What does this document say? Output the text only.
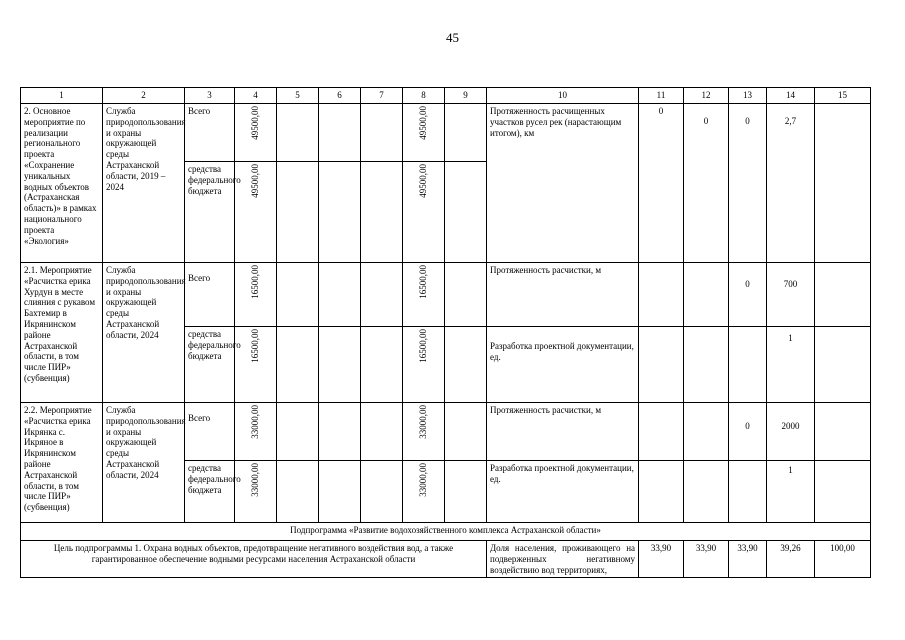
45
1	2	3	4	5	6	7	8	9	10	11	12	13	14	15
2. Основное мероприятие по реализации регионального проекта «Сохранение уникальных водных объектов (Астраханская область)» в рамках национального проекта «Экология»	Служба природопользования и охраны окружающей среды Астраханской области, 2019 – 2024	Всего	49500,00				49500,00		Протяженность расчищенных участков русел рек (нарастающим итогом), км	0	0	0	2,7	
		средства федерального бюджета	49500,00				49500,00							
2.1. Мероприятие «Расчистка ерика Хурдун в месте слияния с рукавом Бахтемир в Икрянинском районе Астраханской области, в том числе ПИР» (субвенция)	Служба природопользования и охраны окружающей среды Астраханской области, 2024	Всего	16500,00				16500,00		Протяженность расчистки, м			0	700	
		средства федерального бюджета	16500,00				16500,00		Разработка проектной документации, ед.				1	
2.2. Мероприятие «Расчистка ерика Икрянка с. Икряное в Икрянинском районе Астраханской области, в том числе ПИР» (субвенция)	Служба природопользования и охраны окружающей среды Астраханской области, 2024	Всего	33000,00				33000,00		Протяженность расчистки, м			0	2000	
		средства федерального бюджета	33000,00				33000,00		Разработка проектной документации, ед.				1	
Подпрограмма «Развитие водохозяйственного комплекса Астраханской области»														
Цель подпрограммы 1. Охрана водных объектов, предотвращение негативного воздействия вод, а также гарантированное обеспечение водными ресурсами населения Астраханской области									Доля населения, проживающего на подверженных негативному воздействию вод территориях,	33,90	33,90	33,90	39,26	100,00
